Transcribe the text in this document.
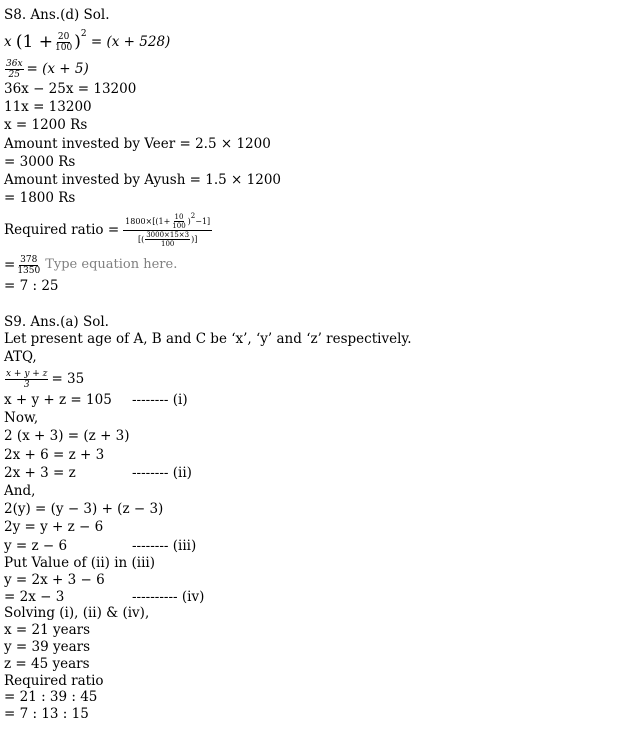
S8. Ans.(d) Sol.
x
($1 + \frac{20}{100}$ ) 2
= (x + 528)
$\frac{36x}{25} = (x + 5)$
36x − 25x = 13200
11x = 13200
x = 1200 Rs
Amount invested by Veer = 2.5 × 1200
= 3000 Rs
Amount invested by Ayush = 1.5 × 1200
= 1800 Rs
Required ratio = $1800\times[(1+ \frac{10}{100}$ )
2
−1]
[( $\frac{3000\times 15\times 3}{100}$ )]
= $\frac{378}{1350}$ Type equation here.
= 7 : 25
S9. Ans.(a) Sol.
Let present age of A, B and C be ‘x’, ‘y’ and ‘z’ respectively.
ATQ,
$\frac{x + y + z}{3} = 35$
x + y + z = 105 -------- (i)
Now,
2 (x + 3) = (z + 3)
2x + 6 = z + 3
2x + 3 = z	-------- (ii)
And,
2(y) = (y − 3) + (z − 3)
2y = y + z − 6
y = z − 6	-------- (iii)
Put Value of (ii) in (iii)
y = 2x + 3 − 6
= 2x − 3	---------- (iv)
Solving (i), (ii) & (iv),
x = 21 years
y = 39 years
z = 45 years
Required ratio
= 21 : 39 : 45
= 7 : 13 : 15
